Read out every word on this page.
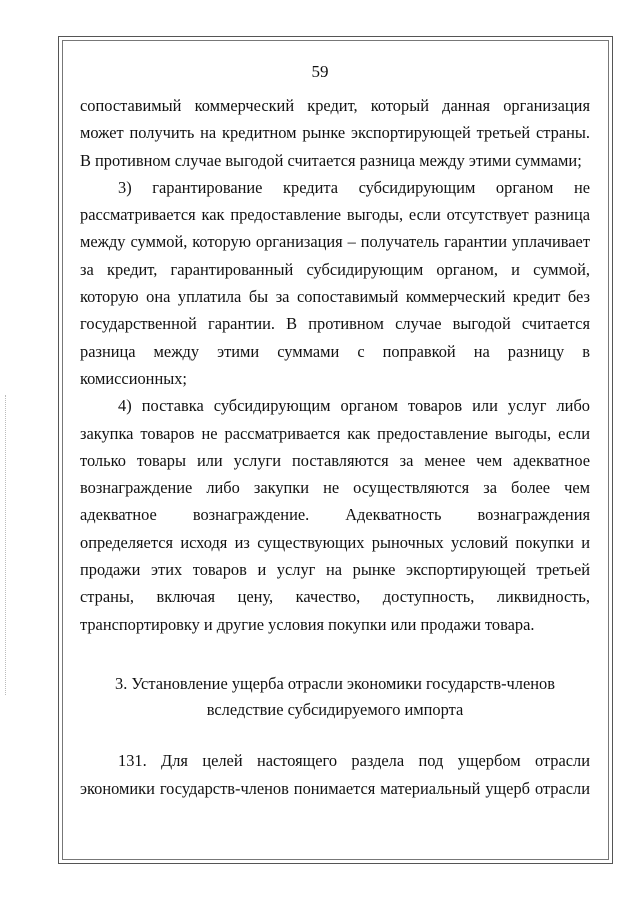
59
сопоставимый коммерческий кредит, который данная организация
может получить на кредитном рынке экспортирующей третьей страны.
В противном случае выгодой считается разница между этими суммами;
3) гарантирование кредита субсидирующим органом не
рассматривается как предоставление выгоды, если отсутствует разница
между суммой, которую организация – получатель гарантии уплачивает
за кредит, гарантированный субсидирующим органом, и суммой,
которую она уплатила бы за сопоставимый коммерческий кредит без
государственной гарантии. В противном случае выгодой считается
разница между этими суммами с поправкой на разницу в
комиссионных;
4) поставка субсидирующим органом товаров или услуг либо
закупка товаров не рассматривается как предоставление выгоды, если
только товары или услуги поставляются за менее чем адекватное
вознаграждение либо закупки не осуществляются за более чем
адекватное вознаграждение. Адекватность вознаграждения
определяется исходя из существующих рыночных условий покупки и
продажи этих товаров и услуг на рынке экспортирующей третьей
страны, включая цену, качество, доступность, ликвидность,
транспортировку и другие условия покупки или продажи товара.
3. Установление ущерба отрасли экономики государств-членов
вследствие субсидируемого импорта
131. Для целей настоящего раздела под ущербом отрасли
экономики государств-членов понимается материальный ущерб отрасли
